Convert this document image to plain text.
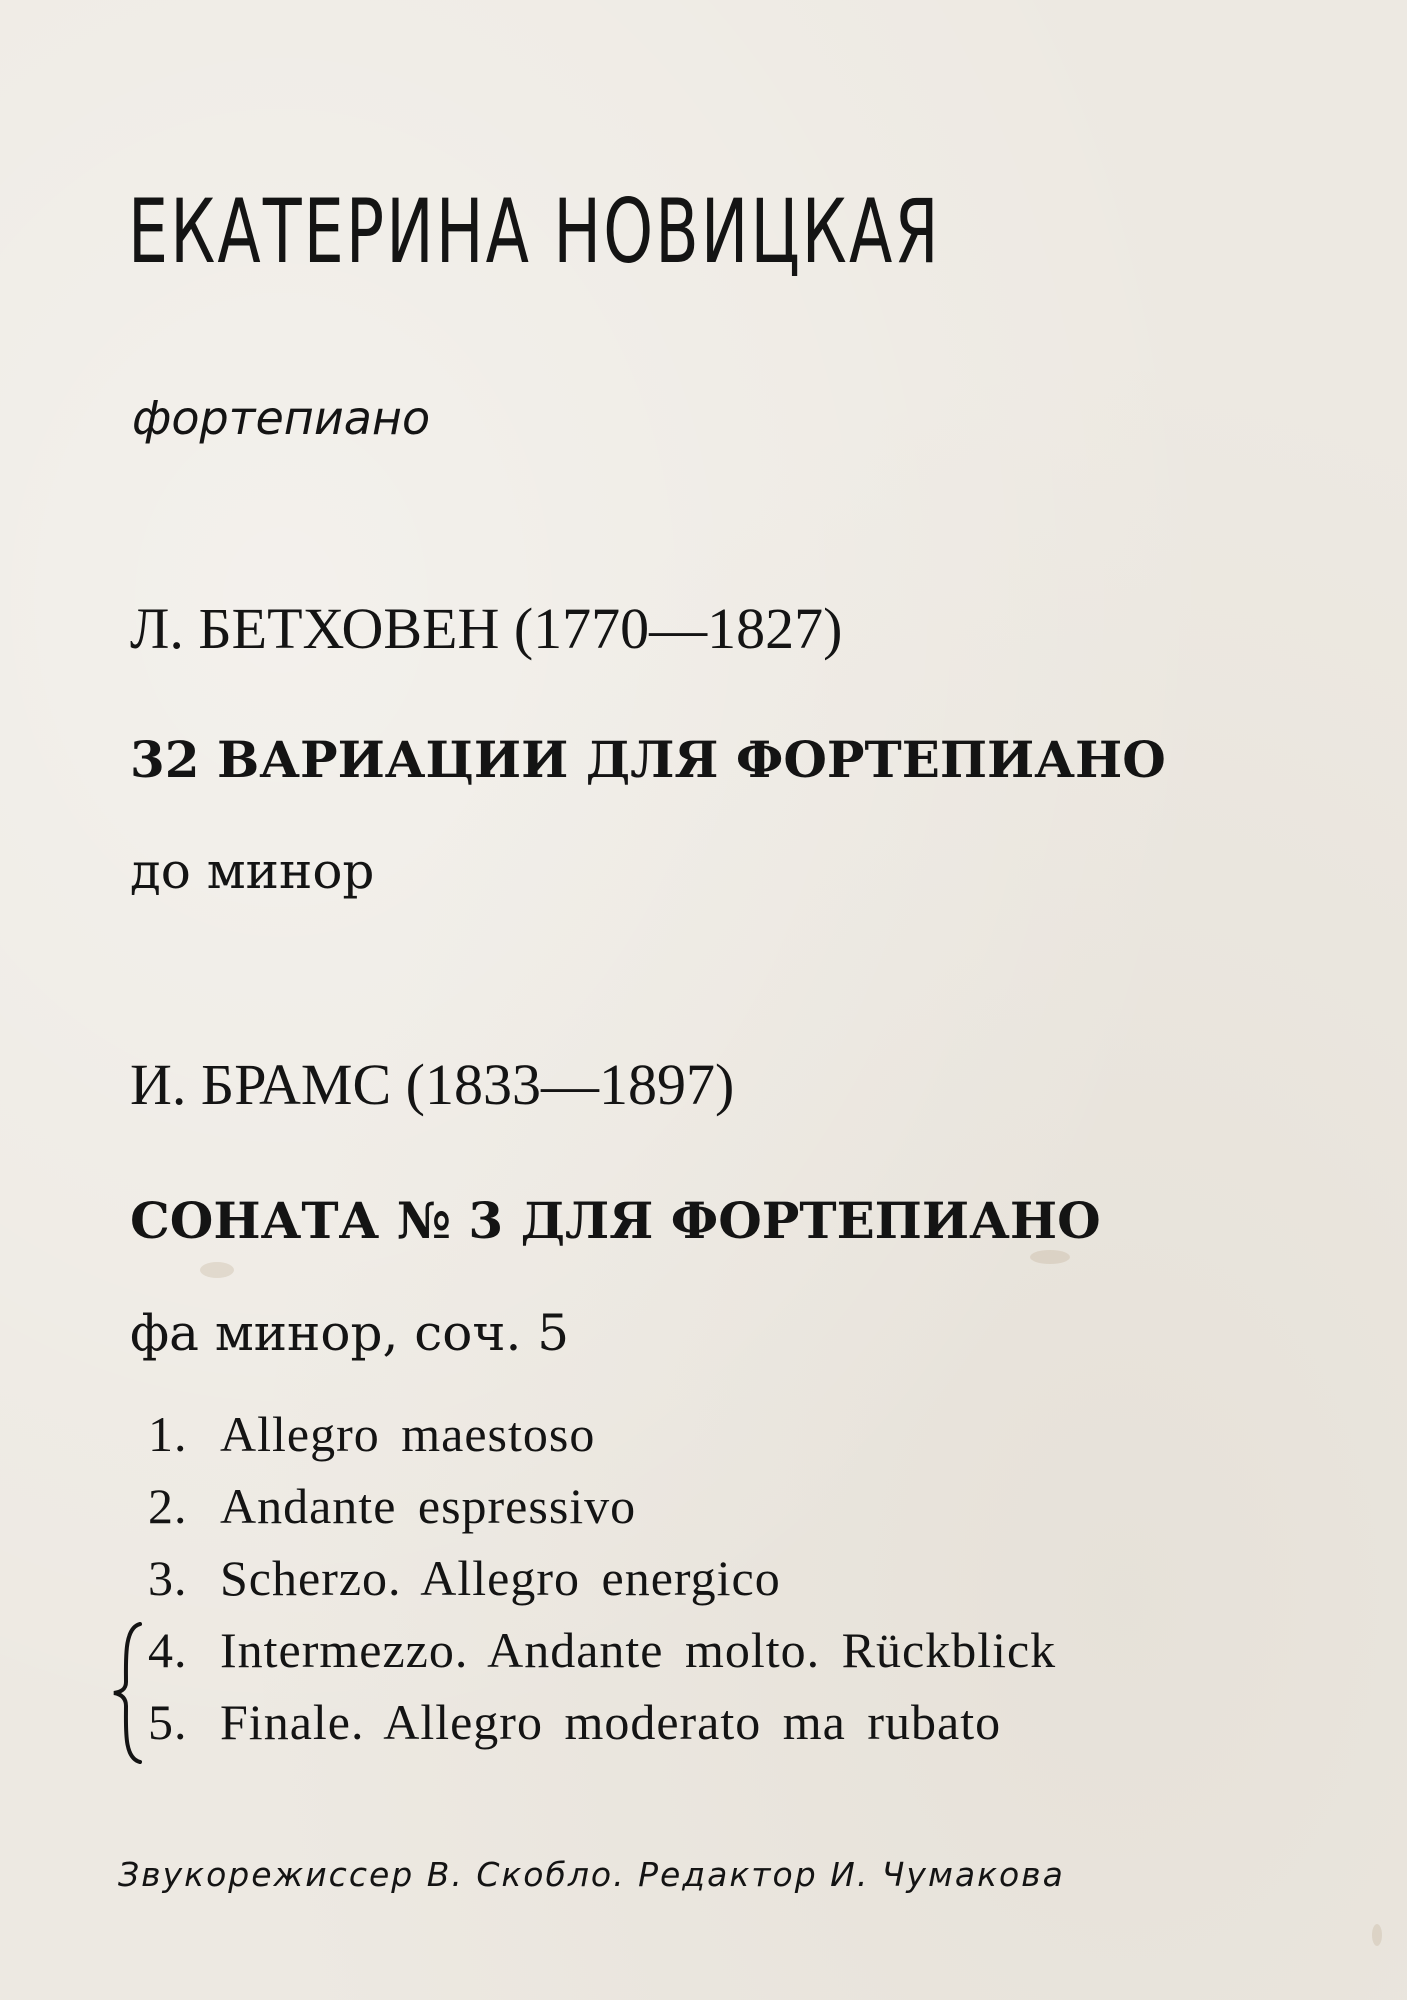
ЕКАТЕРИНА НОВИЦКАЯ
фортепиано
Л. БЕТХОВЕН (1770—1827)
32 ВАРИАЦИИ ДЛЯ ФОРТЕПИАНО
до минор
И. БРАМС (1833—1897)
СОНАТА № 3 ДЛЯ ФОРТЕПИАНО
фа минор, соч. 5
1. Allegro maestoso
2. Andante espressivo
3. Scherzo. Allegro energico
4. Intermezzo. Andante molto. Rückblick
5. Finale. Allegro moderato ma rubato
Звукорежиссер В. Скобло. Редактор И. Чумакова
